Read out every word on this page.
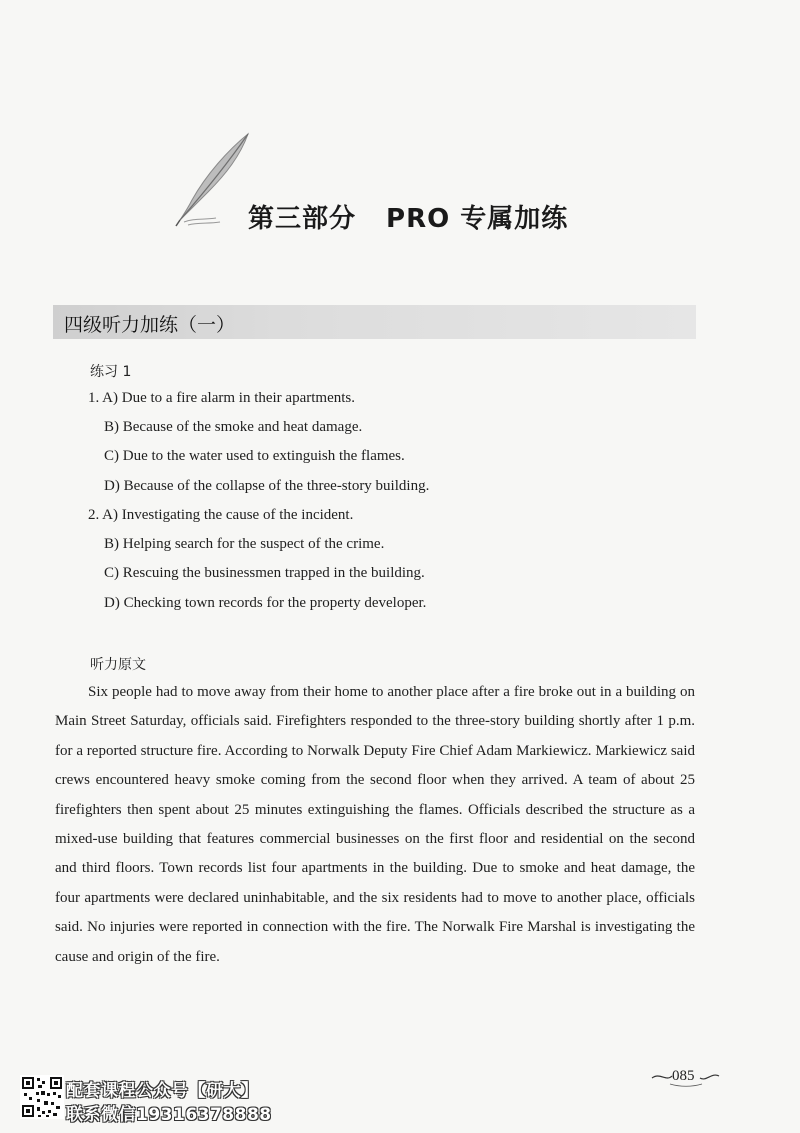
第三部分 PRO 专属加练
四级听力加练（一）
练习 1
1. A) Due to a fire alarm in their apartments.
B) Because of the smoke and heat damage.
C) Due to the water used to extinguish the flames.
D) Because of the collapse of the three-story building.
2. A) Investigating the cause of the incident.
B) Helping search for the suspect of the crime.
C) Rescuing the businessmen trapped in the building.
D) Checking town records for the property developer.
听力原文

Six people had to move away from their home to another place after a fire broke out in a building on Main Street Saturday, officials said. Firefighters responded to the three-story building shortly after 1 p.m. for a reported structure fire. According to Norwalk Deputy Fire Chief Adam Markiewicz. Markiewicz said crews encountered heavy smoke coming from the second floor when they arrived. A team of about 25 firefighters then spent about 25 minutes extinguishing the flames. Officials described the structure as a mixed-use building that features commercial businesses on the first floor and residential on the second and third floors. Town records list four apartments in the building. Due to smoke and heat damage, the four apartments were declared uninhabitable, and the six residents had to move to another place, officials said. No injuries were reported in connection with the fire. The Norwalk Fire Marshal is investigating the cause and origin of the fire.

配套课程公众号【研大】
联系微信19316378888
085
